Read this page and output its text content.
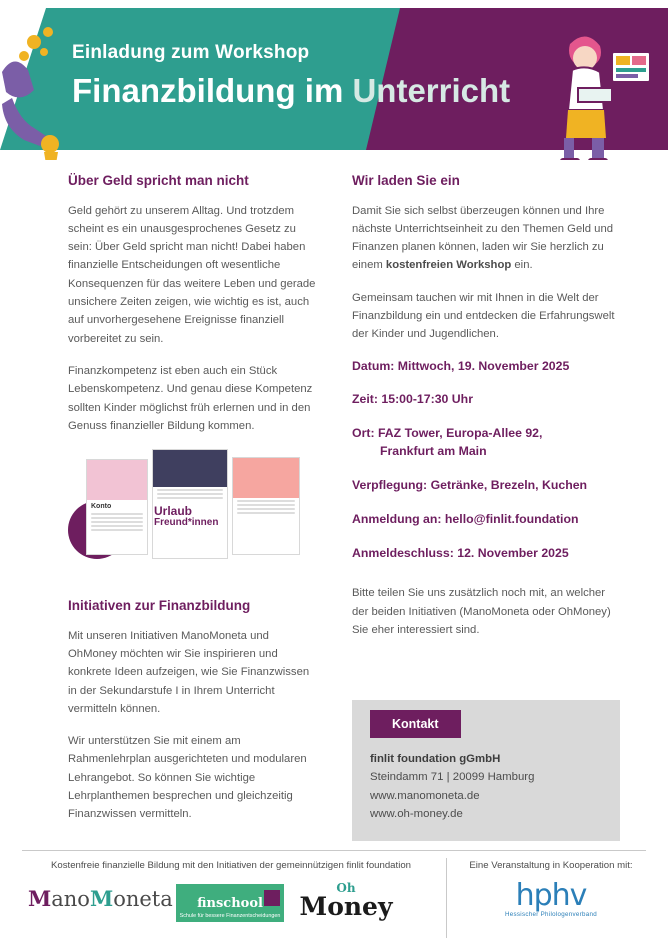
Einladung zum Workshop
Finanzbildung im Unterricht
Über Geld spricht man nicht

Geld gehört zu unserem Alltag. Und trotzdem scheint es ein unausgesprochenes Gesetz zu sein: Über Geld spricht man nicht! Dabei haben finanzielle Entscheidungen oft wesentliche Konsequenzen für das weitere Leben und gerade unsichere Zeiten zeigen, wie wichtig es ist, auch auf unvorhergesehene Ereignisse finanziell vorbereitet zu sein.

Finanzkompetenz ist eben auch ein Stück Lebenskompetenz. Und genau diese Kompetenz sollten Kinder möglichst früh erlernen und in den Genuss finanzieller Bildung kommen.

Konto	Urlaub
Freund*innen
Initiativen zur Finanzbildung

Mit unseren Initiativen ManoMoneta und OhMoney möchten wir Sie inspirieren und konkrete Ideen aufzeigen, wie Sie Finanzwissen in der Sekundarstufe I in Ihrem Unterricht vermitteln können.

Wir unterstützen Sie mit einem am Rahmenlehrplan ausgerichteten und modularen Lehrangebot. So können Sie wichtige Lehrplanthemen besprechen und gleichzeitig Finanzwissen vermitteln.

Wir laden Sie ein

Damit Sie sich selbst überzeugen können und Ihre nächste Unterrichtseinheit zu den Themen Geld und Finanzen planen können, laden wir Sie herzlich zu einem kostenfreien Workshop ein.

Gemeinsam tauchen wir mit Ihnen in die Welt der Finanzbildung ein und entdecken die Erfahrungswelt der Kinder und Jugendlichen.

Datum: Mittwoch, 19. November 2025
Zeit: 15:00-17:30 Uhr
Ort: FAZ Tower, Europa-Allee 92,
Frankfurt am Main
Verpflegung: Getränke, Brezeln, Kuchen
Anmeldung an: hello@finlit.foundation
Anmeldeschluss: 12. November 2025

Bitte teilen Sie uns zusätzlich noch mit, an welcher der beiden Initiativen (ManoMoneta oder OhMoney) Sie eher interessiert sind.

Kontakt
finlit foundation gGmbH
Steindamm 71 | 20099 Hamburg
www.manomoneta.de
www.oh-money.de
Kostenfreie finanzielle Bildung mit den Initiativen der gemeinnützigen finlit foundation	Eine Veranstaltung in Kooperation mit:
ManoMoneta finschool
Schule für bessere Finanzentscheidungen
Oh
Money	hphv
Hessischer Philologenverband
